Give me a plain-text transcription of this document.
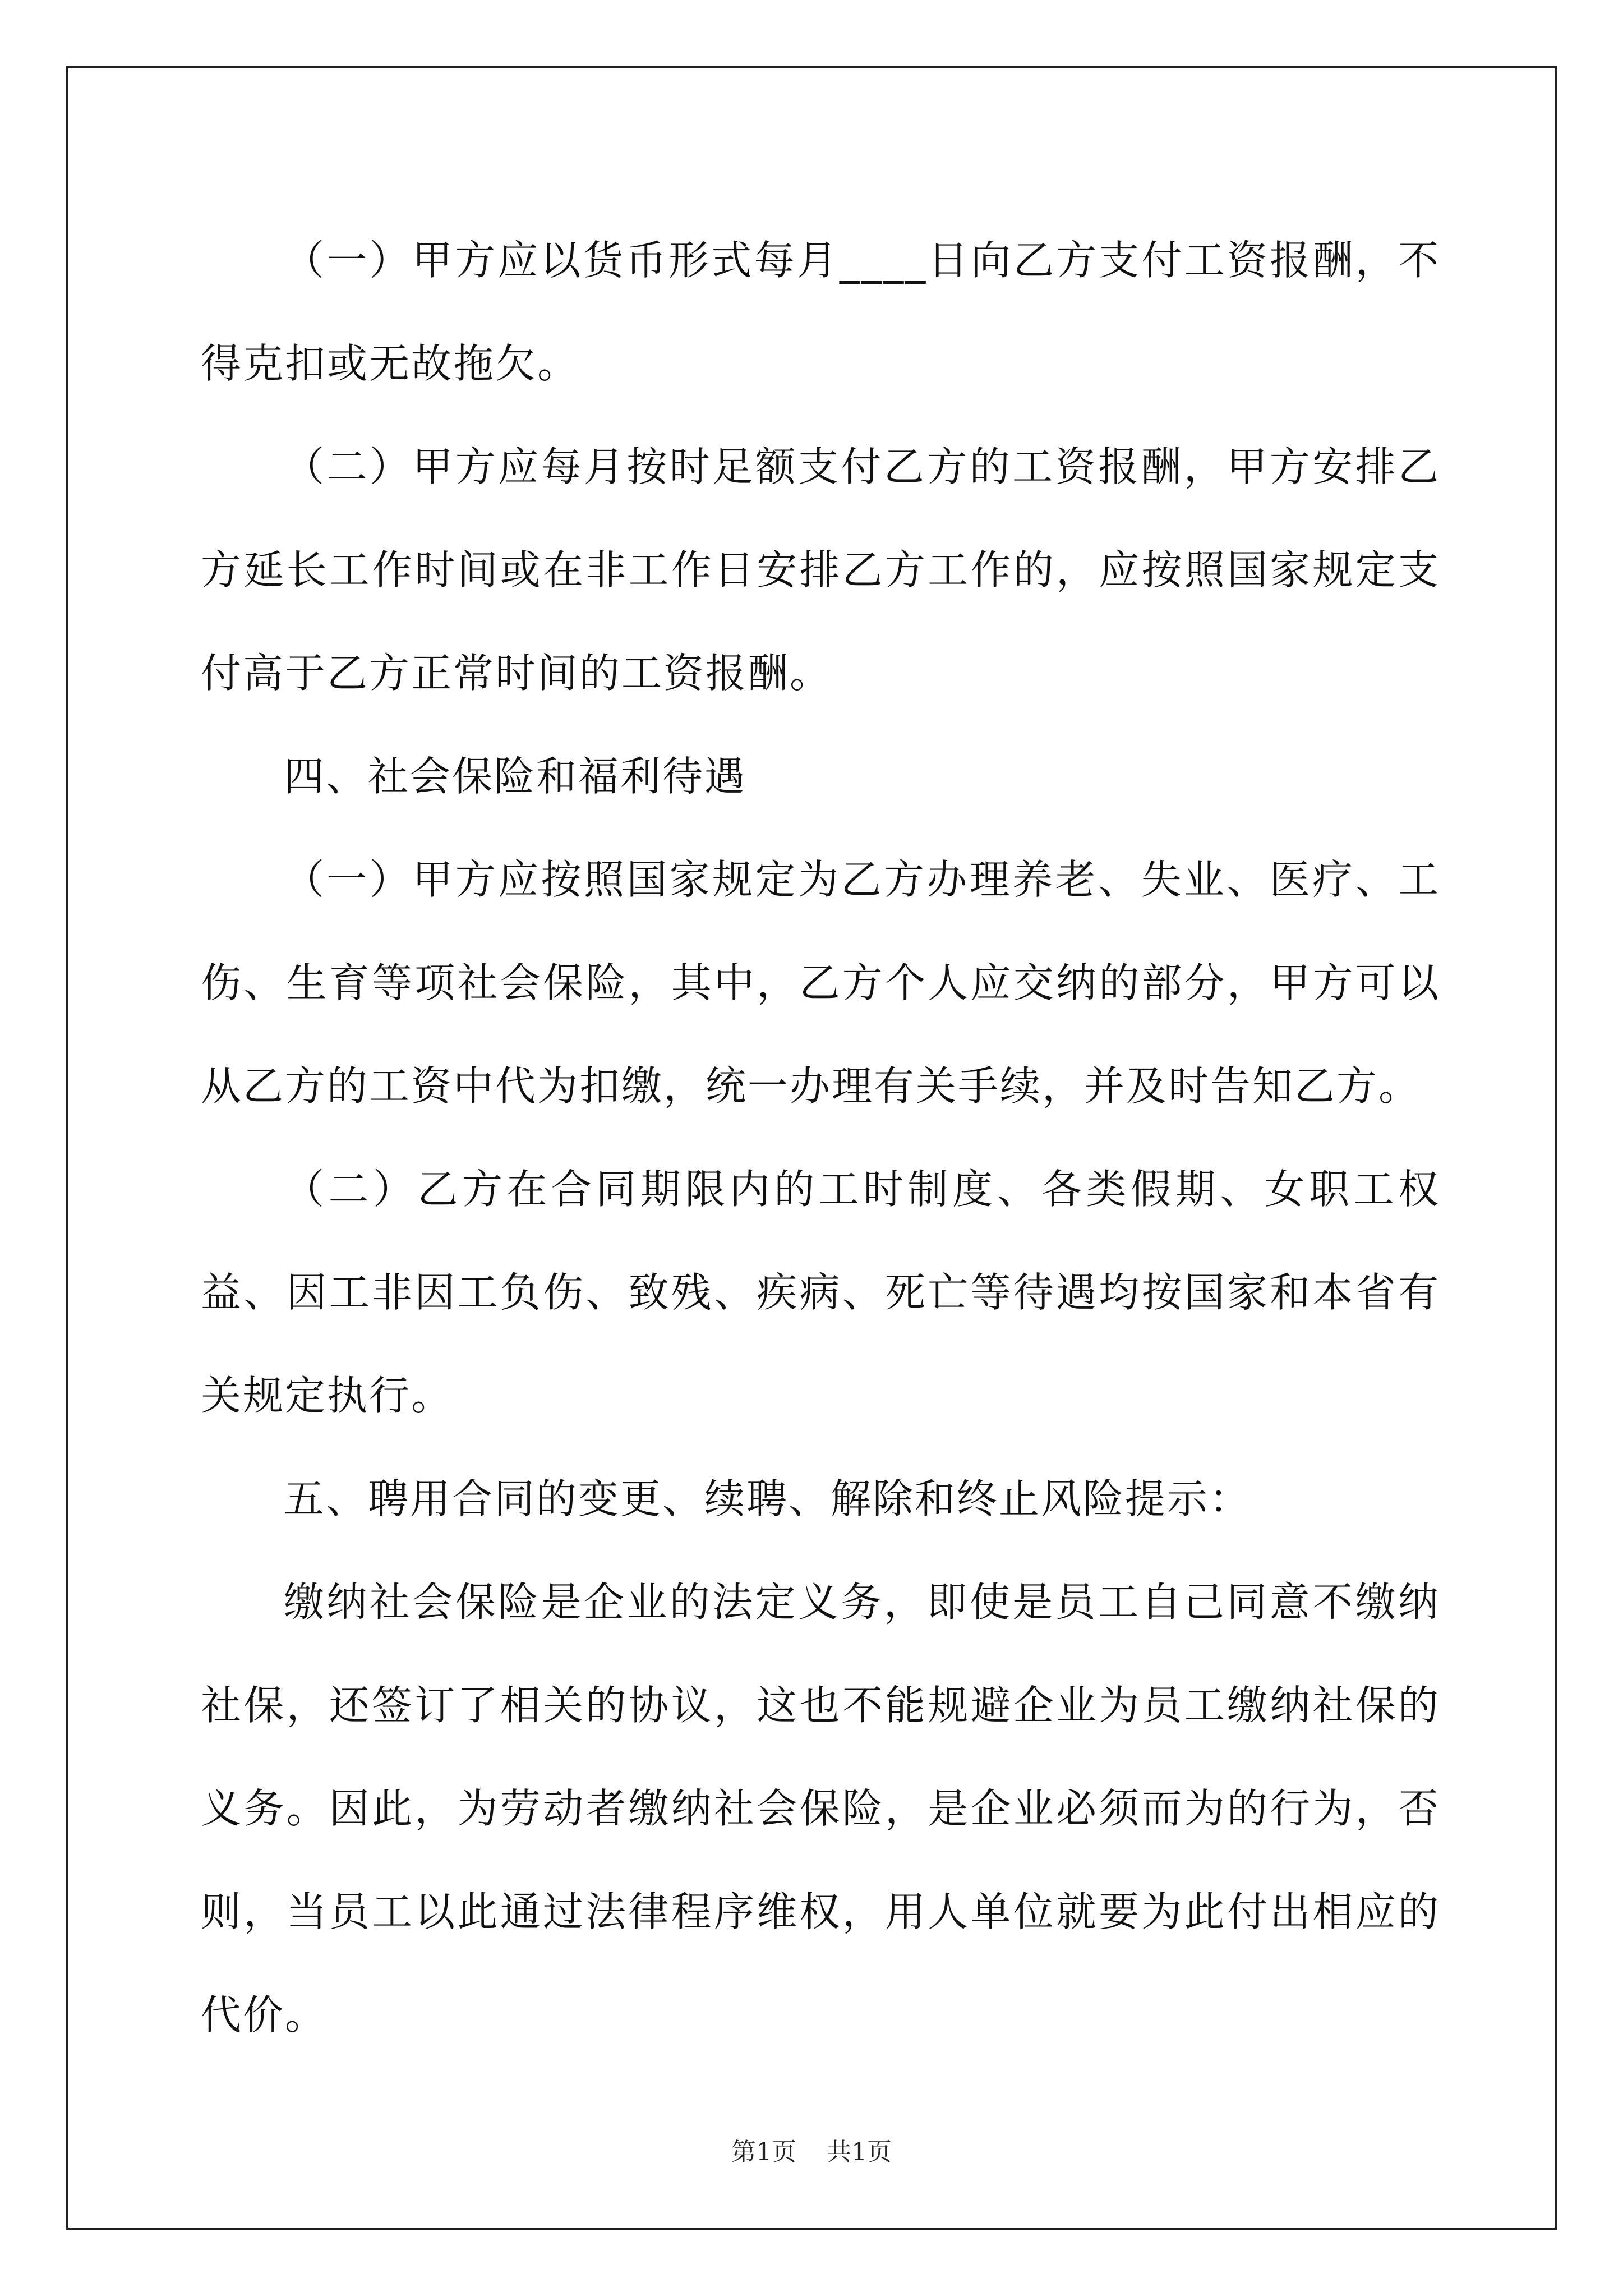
（一）甲方应以货币形式每月____日向乙方支付工资报酬，不得克扣或无故拖欠。

（二）甲方应每月按时足额支付乙方的工资报酬，甲方安排乙方延长工作时间或在非工作日安排乙方工作的，应按照国家规定支付高于乙方正常时间的工资报酬。

四、社会保险和福利待遇

（一）甲方应按照国家规定为乙方办理养老、失业、医疗、工伤、生育等项社会保险，其中，乙方个人应交纳的部分，甲方可以从乙方的工资中代为扣缴，统一办理有关手续，并及时告知乙方。

（二）乙方在合同期限内的工时制度、各类假期、女职工权益、因工非因工负伤、致残、疾病、死亡等待遇均按国家和本省有关规定执行。

五、聘用合同的变更、续聘、解除和终止风险提示：

缴纳社会保险是企业的法定义务，即使是员工自己同意不缴纳社保，还签订了相关的协议，这也不能规避企业为员工缴纳社保的义务。因此，为劳动者缴纳社会保险，是企业必须而为的行为，否则，当员工以此通过法律程序维权，用人单位就要为此付出相应的代价。

第1页 共1页
